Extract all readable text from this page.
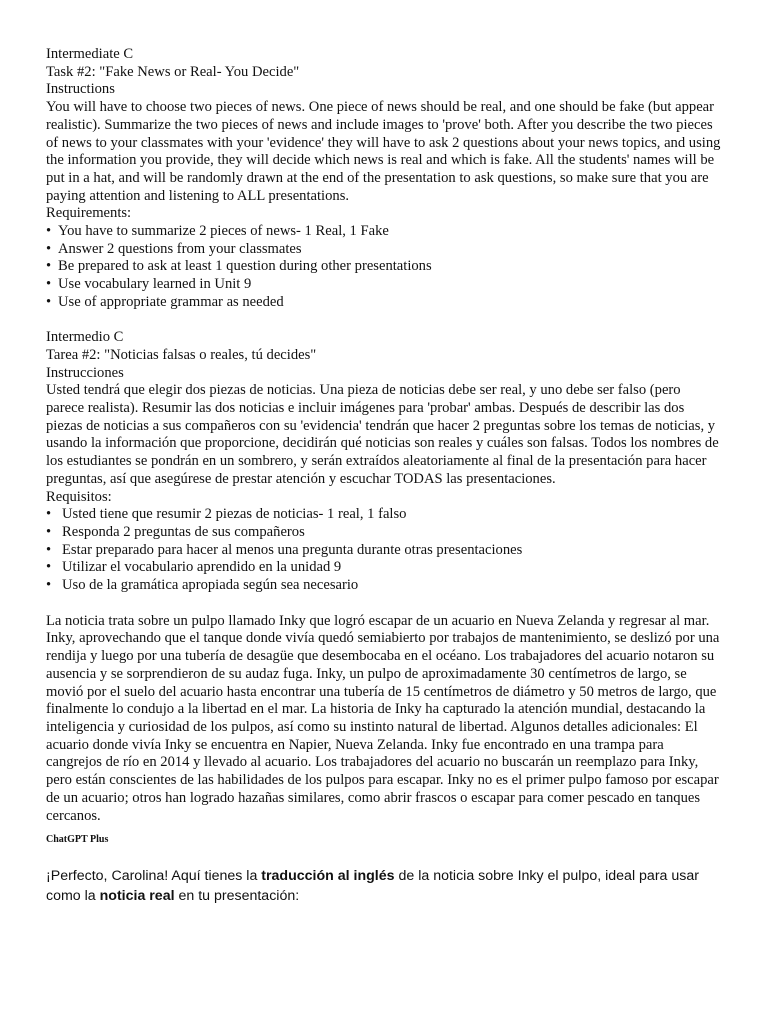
Intermediate C

Task #2: "Fake News or Real- You Decide"

Instructions

You will have to choose two pieces of news. One piece of news should be real, and one should be fake (but appear realistic). Summarize the two pieces of news and include images to 'prove' both. After you describe the two pieces of news to your classmates with your 'evidence' they will have to ask 2 questions about your news topics, and using the information you provide, they will decide which news is real and which is fake. All the students' names will be put in a hat, and will be randomly drawn at the end of the presentation to ask questions, so make sure that you are paying attention and listening to ALL presentations.

Requirements:

• You have to summarize 2 pieces of news- 1 Real, 1 Fake
• Answer 2 questions from your classmates
• Be prepared to ask at least 1 question during other presentations
• Use vocabulary learned in Unit 9
• Use of appropriate grammar as needed

Intermedio C

Tarea #2: "Noticias falsas o reales, tú decides"

Instrucciones

Usted tendrá que elegir dos piezas de noticias. Una pieza de noticias debe ser real, y uno debe ser falso (pero parece realista). Resumir las dos noticias e incluir imágenes para 'probar' ambas. Después de describir las dos piezas de noticias a sus compañeros con su 'evidencia' tendrán que hacer 2 preguntas sobre los temas de noticias, y usando la información que proporcione, decidirán qué noticias son reales y cuáles son falsas. Todos los nombres de los estudiantes se pondrán en un sombrero, y serán extraídos aleatoriamente al final de la presentación para hacer preguntas, así que asegúrese de prestar atención y escuchar TODAS las presentaciones.

Requisitos:

• Usted tiene que resumir 2 piezas de noticias- 1 real, 1 falso
• Responda 2 preguntas de sus compañeros
• Estar preparado para hacer al menos una pregunta durante otras presentaciones
• Utilizar el vocabulario aprendido en la unidad 9
• Uso de la gramática apropiada según sea necesario

La noticia trata sobre un pulpo llamado Inky que logró escapar de un acuario en Nueva Zelanda y regresar al mar. Inky, aprovechando que el tanque donde vivía quedó semiabierto por trabajos de mantenimiento, se deslizó por una rendija y luego por una tubería de desagüe que desembocaba en el océano. Los trabajadores del acuario notaron su ausencia y se sorprendieron de su audaz fuga. Inky, un pulpo de aproximadamente 30 centímetros de largo, se movió por el suelo del acuario hasta encontrar una tubería de 15 centímetros de diámetro y 50 metros de largo, que finalmente lo condujo a la libertad en el mar. La historia de Inky ha capturado la atención mundial, destacando la inteligencia y curiosidad de los pulpos, así como su instinto natural de libertad. Algunos detalles adicionales: El acuario donde vivía Inky se encuentra en Napier, Nueva Zelanda. Inky fue encontrado en una trampa para cangrejos de río en 2014 y llevado al acuario. Los trabajadores del acuario no buscarán un reemplazo para Inky, pero están conscientes de las habilidades de los pulpos para escapar. Inky no es el primer pulpo famoso por escapar de un acuario; otros han logrado hazañas similares, como abrir frascos o escapar para comer pescado en tanques cercanos.

ChatGPT Plus

¡Perfecto, Carolina! Aquí tienes la traducción al inglés de la noticia sobre Inky el pulpo, ideal para usar como la noticia real en tu presentación:
